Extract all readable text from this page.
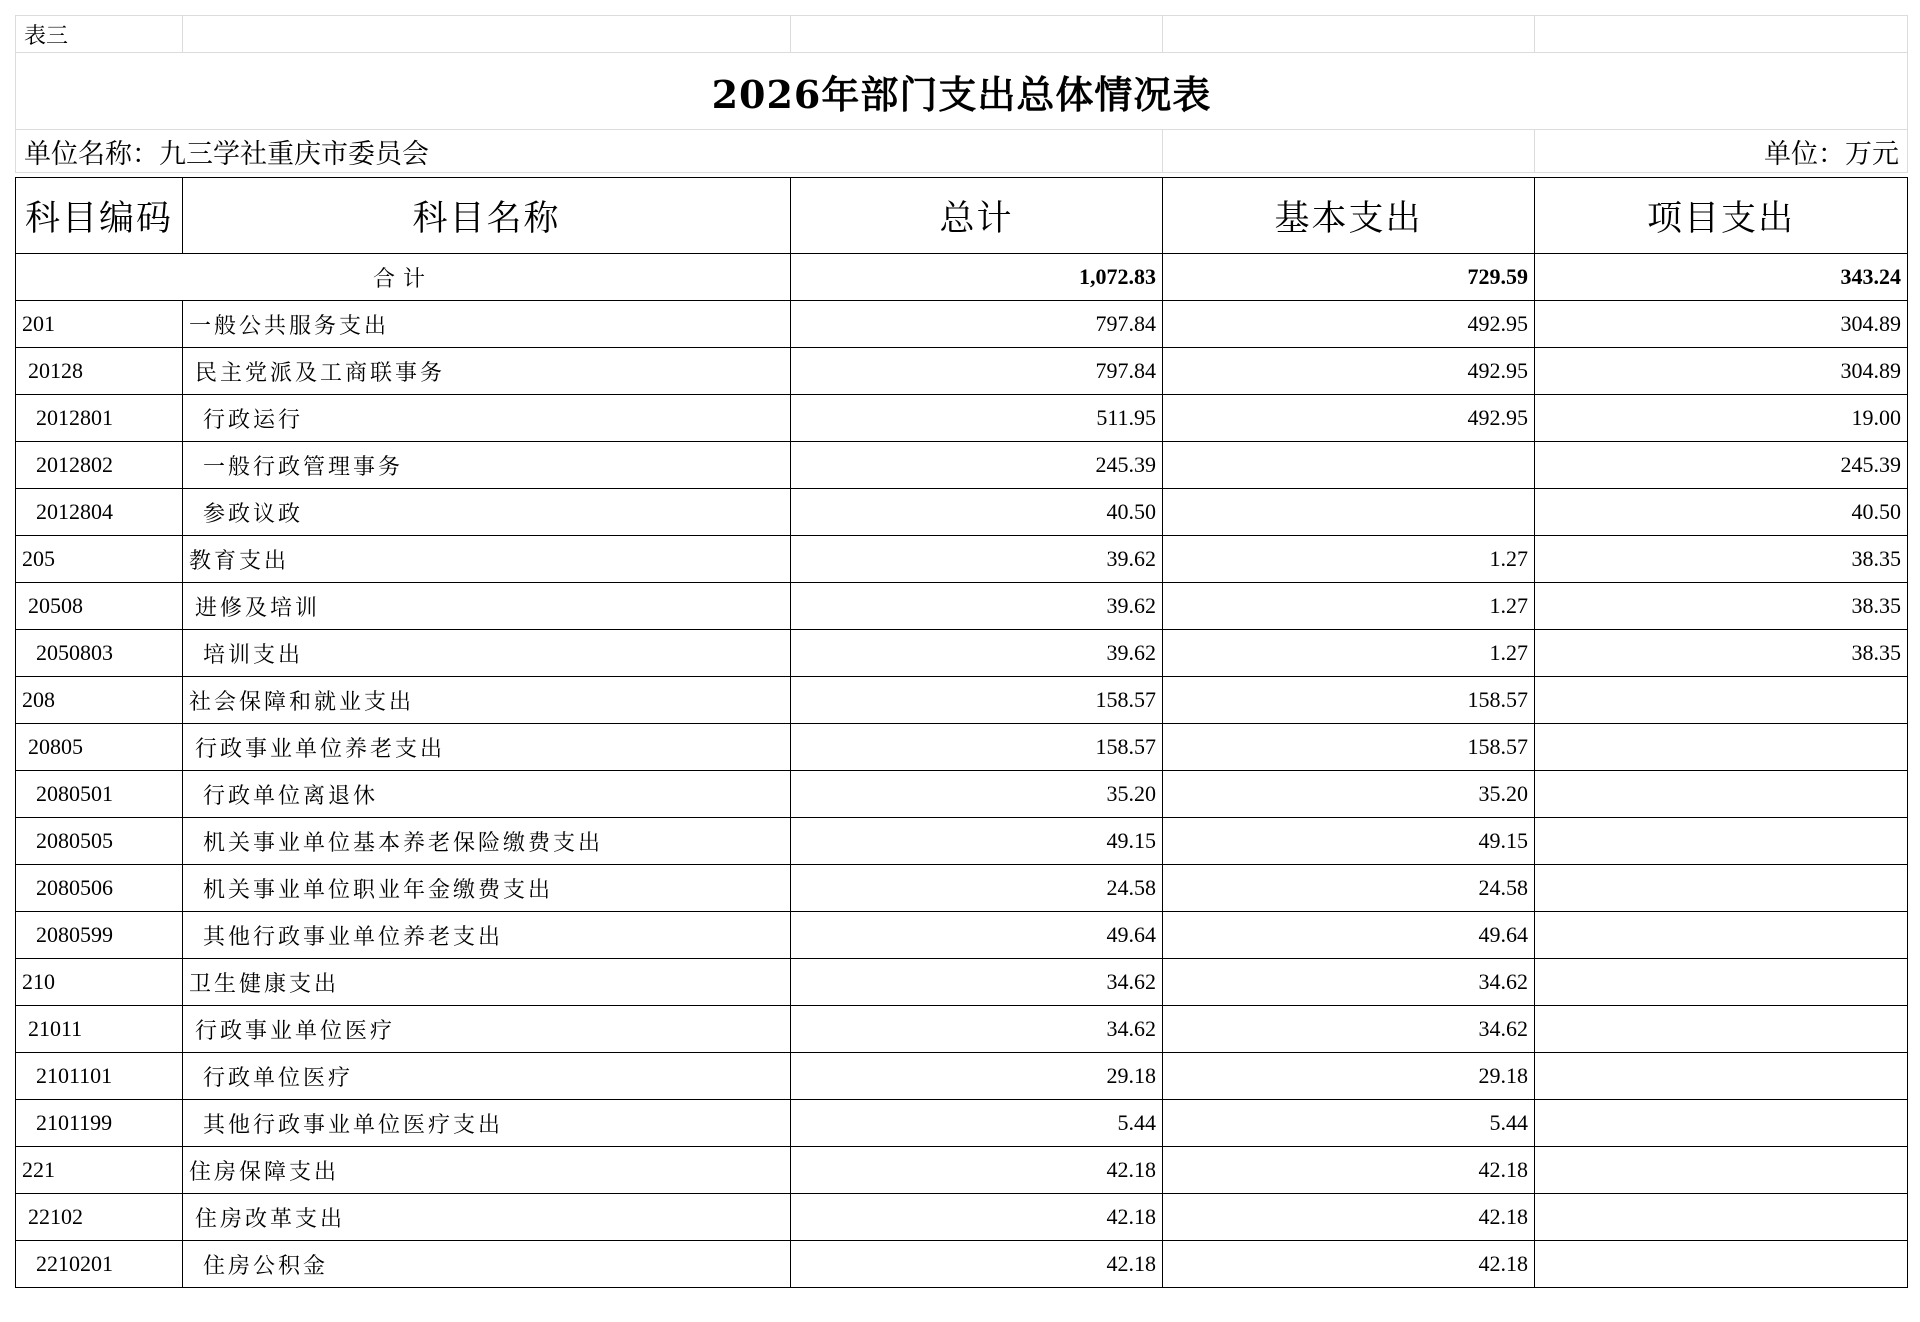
表三				
2026年部门支出总体情况表				
单位名称：九三学社重庆市委员会				单位：万元
科目编码	科目名称	总计	基本支出	项目支出
合计		1,072.83	729.59	343.24
201	一般公共服务支出	797.84	492.95	304.89
20128	民主党派及工商联事务	797.84	492.95	304.89
2012801	行政运行	511.95	492.95	19.00
2012802	一般行政管理事务	245.39		245.39
2012804	参政议政	40.50		40.50
205	教育支出	39.62	1.27	38.35
20508	进修及培训	39.62	1.27	38.35
2050803	培训支出	39.62	1.27	38.35
208	社会保障和就业支出	158.57	158.57	
20805	行政事业单位养老支出	158.57	158.57	
2080501	行政单位离退休	35.20	35.20	
2080505	机关事业单位基本养老保险缴费支出	49.15	49.15	
2080506	机关事业单位职业年金缴费支出	24.58	24.58	
2080599	其他行政事业单位养老支出	49.64	49.64	
210	卫生健康支出	34.62	34.62	
21011	行政事业单位医疗	34.62	34.62	
2101101	行政单位医疗	29.18	29.18	
2101199	其他行政事业单位医疗支出	5.44	5.44	
221	住房保障支出	42.18	42.18	
22102	住房改革支出	42.18	42.18	
2210201	住房公积金	42.18	42.18	
